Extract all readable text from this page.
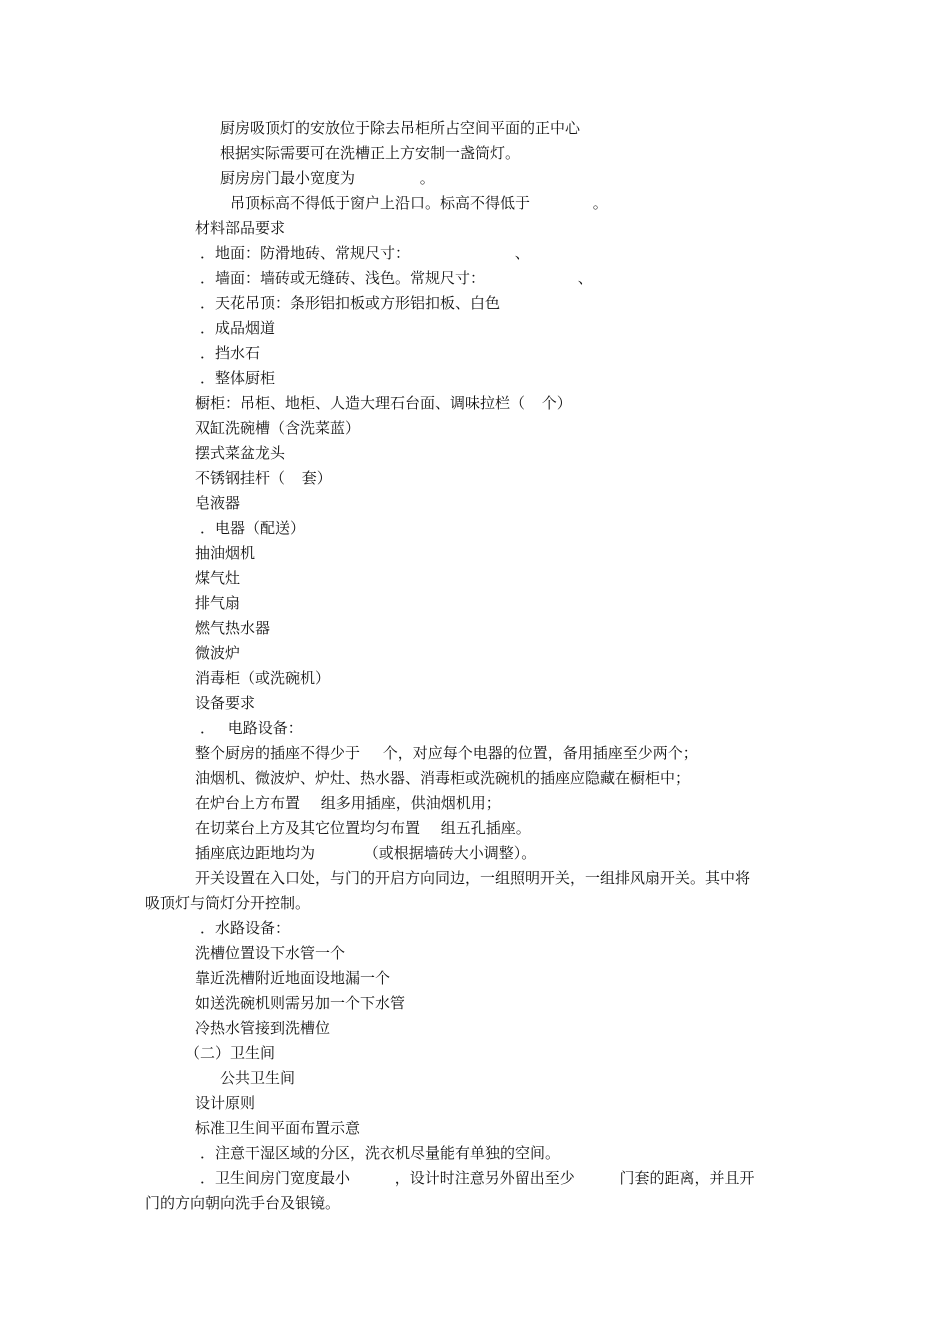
厨房吸顶灯的安放位于除去吊柜所占空间平面的正中心
根据实际需要可在洗槽正上方安制一盏筒灯。
厨房房门最小宽度为 。
吊顶标高不得低于窗户上沿口。标高不得低于 。
材料部品要求
．地面：防滑地砖、常规尺寸： 、
．墙面：墙砖或无缝砖、浅色。常规尺寸： 、
．天花吊顶：条形铝扣板或方形铝扣板、白色
．成品烟道
．挡水石
．整体厨柜
橱柜：吊柜、地柜、人造大理石台面、调味拉栏（ 个）
双缸洗碗槽（含洗菜蓝）
摆式菜盆龙头
不锈钢挂杆（ 套）
皂液器
．电器（配送）
抽油烟机
煤气灶
排气扇
燃气热水器
微波炉
消毒柜（或洗碗机）
设备要求
． 电路设备：
整个厨房的插座不得少于 个，对应每个电器的位置，备用插座至少两个；
油烟机、微波炉、炉灶、热水器、消毒柜或洗碗机的插座应隐藏在橱柜中；
在炉台上方布置 组多用插座，供油烟机用；
在切菜台上方及其它位置均匀布置 组五孔插座。
插座底边距地均为 （或根据墙砖大小调整）。
开关设置在入口处，与门的开启方向同边，一组照明开关，一组排风扇开关。其中将
吸顶灯与筒灯分开控制。
．水路设备：
洗槽位置设下水管一个
靠近洗槽附近地面设地漏一个
如送洗碗机则需另加一个下水管
冷热水管接到洗槽位
（二）卫生间
公共卫生间
设计原则
标准卫生间平面布置示意
．注意干湿区域的分区，洗衣机尽量能有单独的空间。
．卫生间房门宽度最小 ，设计时注意另外留出至少 门套的距离，并且开
门的方向朝向洗手台及银镜。
